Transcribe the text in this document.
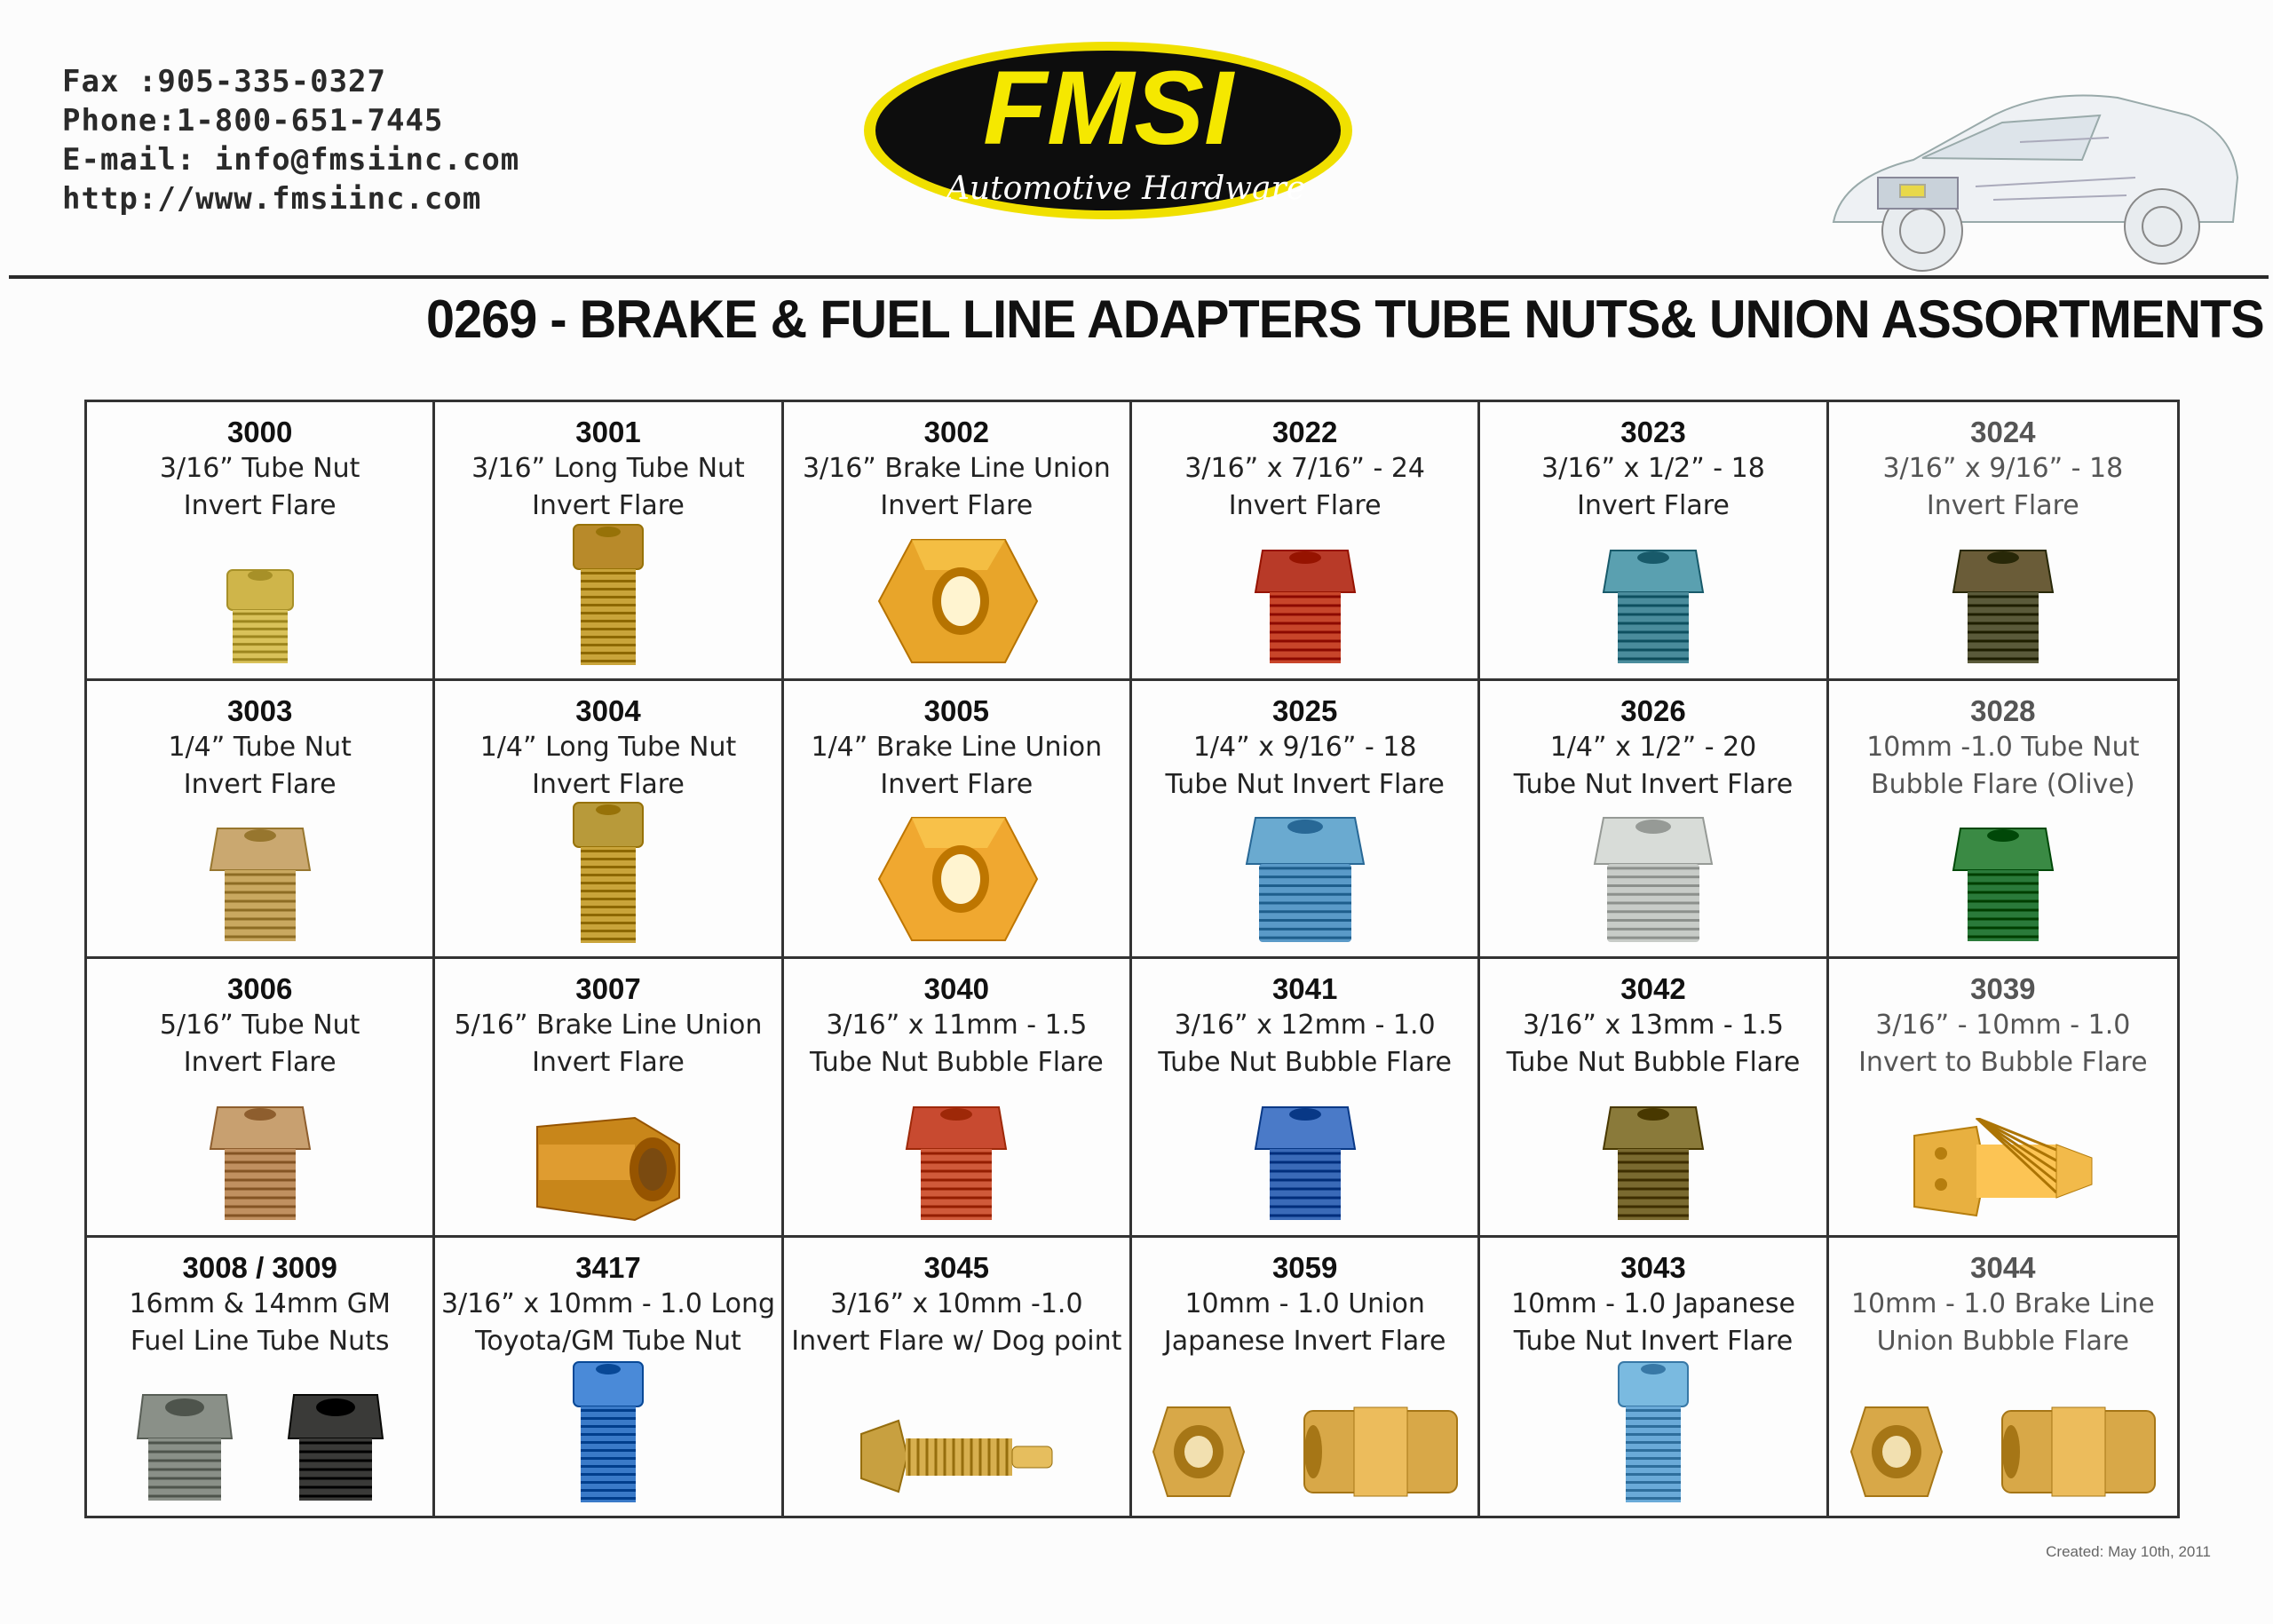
Fax :905-335-0327
Phone:1-800-651-7445
E-mail: info@fmsiinc.com
http://www.fmsiinc.com
FMSI
Automotive Hardware
0269 - BRAKE & FUEL LINE ADAPTERS TUBE NUTS& UNION ASSORTMENTS
3000
3/16” Tube Nut
Invert Flare
3001
3/16” Long Tube Nut
Invert Flare
3002
3/16” Brake Line Union
Invert Flare
3022
3/16” x 7/16” - 24
Invert Flare
3023
3/16” x 1/2” - 18
Invert Flare
3024
3/16” x 9/16” - 18
Invert Flare
3003
1/4” Tube Nut
Invert Flare
3004
1/4” Long Tube Nut
Invert Flare
3005
1/4” Brake Line Union
Invert Flare
3025
1/4” x 9/16” - 18
Tube Nut Invert Flare
3026
1/4” x 1/2” - 20
Tube Nut Invert Flare
3028
10mm -1.0 Tube Nut
Bubble Flare (Olive)
3006
5/16” Tube Nut
Invert Flare
3007
5/16” Brake Line Union
Invert Flare
3040
3/16” x 11mm - 1.5
Tube Nut Bubble Flare
3041
3/16” x 12mm - 1.0
Tube Nut Bubble Flare
3042
3/16” x 13mm - 1.5
Tube Nut Bubble Flare
3039
3/16” - 10mm - 1.0
Invert to Bubble Flare
3008 / 3009
16mm & 14mm GM
Fuel Line Tube Nuts
3417
3/16” x 10mm - 1.0 Long
Toyota/GM Tube Nut
3045
3/16” x 10mm -1.0
Invert Flare w/ Dog point
3059
10mm - 1.0 Union
Japanese Invert Flare
3043
10mm - 1.0 Japanese
Tube Nut Invert Flare
3044
10mm - 1.0 Brake Line
Union Bubble Flare
Created: May 10th, 2011
